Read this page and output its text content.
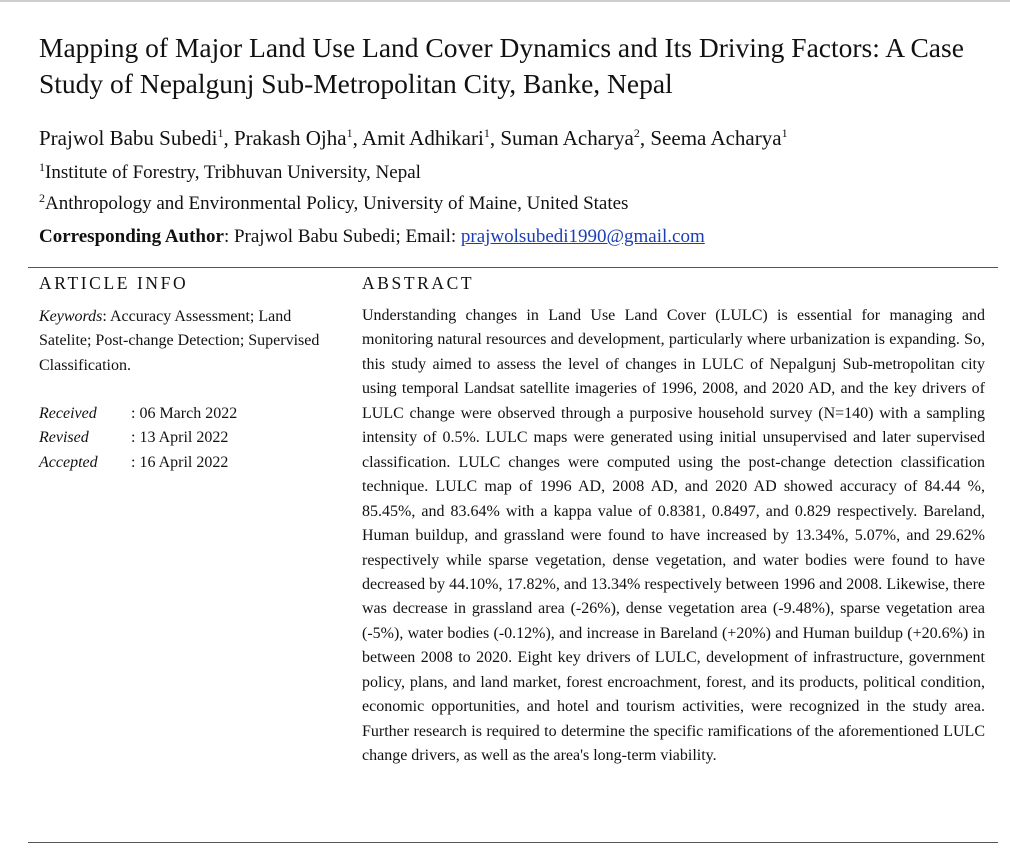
Mapping of Major Land Use Land Cover Dynamics and Its Driving Factors: A Case Study of Nepalgunj Sub-Metropolitan City, Banke, Nepal
Prajwol Babu Subedi$^1$, Prakash Ojha$^1$, Amit Adhikari$^1$, Suman Acharya$^2$, Seema Acharya$^1$
$^1$Institute of Forestry, Tribhuvan University, Nepal
$^2$Anthropology and Environmental Policy, University of Maine, United States
Corresponding Author: Prajwol Babu Subedi; Email: prajwolsubedi1990@gmail.com
ARTICLE INFO	ABSTRACT
Keywords: Accuracy Assessment; Land Satelite; Post-change Detection; Supervised Classification.
Received	: 06 March 2022
Revised	: 13 April 2022
Accepted	: 16 April 2022

Understanding changes in Land Use Land Cover (LULC) is essential for managing and monitoring natural resources and development, particularly where urbanization is expanding. So, this study aimed to assess the level of changes in LULC of Nepalgunj Sub-metropolitan city using temporal Landsat satellite imageries of 1996, 2008, and 2020 AD, and the key drivers of LULC change were observed through a purposive household survey (N=140) with a sampling intensity of 0.5%. LULC maps were generated using initial unsupervised and later supervised classification. LULC changes were computed using the post-change detection classification technique. LULC map of 1996 AD, 2008 AD, and 2020 AD showed accuracy of 84.44 %, 85.45%, and 83.64% with a kappa value of 0.8381, 0.8497, and 0.829 respectively. Bareland, Human buildup, and grassland were found to have increased by 13.34%, 5.07%, and 29.62% respectively while sparse vegetation, dense vegetation, and water bodies were found to have decreased by 44.10%, 17.82%, and 13.34% respectively between 1996 and 2008. Likewise, there was decrease in grassland area (-26%), dense vegetation area (-9.48%), sparse vegetation area (-5%), water bodies (-0.12%), and increase in Bareland (+20%) and Human buildup (+20.6%) in between 2008 to 2020. Eight key drivers of LULC, development of infrastructure, government policy, plans, and land market, forest encroachment, forest, and its products, political condition, economic opportunities, and hotel and tourism activities, were recognized in the study area. Further research is required to determine the specific ramifications of the aforementioned LULC change drivers, as well as the area's long-term viability.
